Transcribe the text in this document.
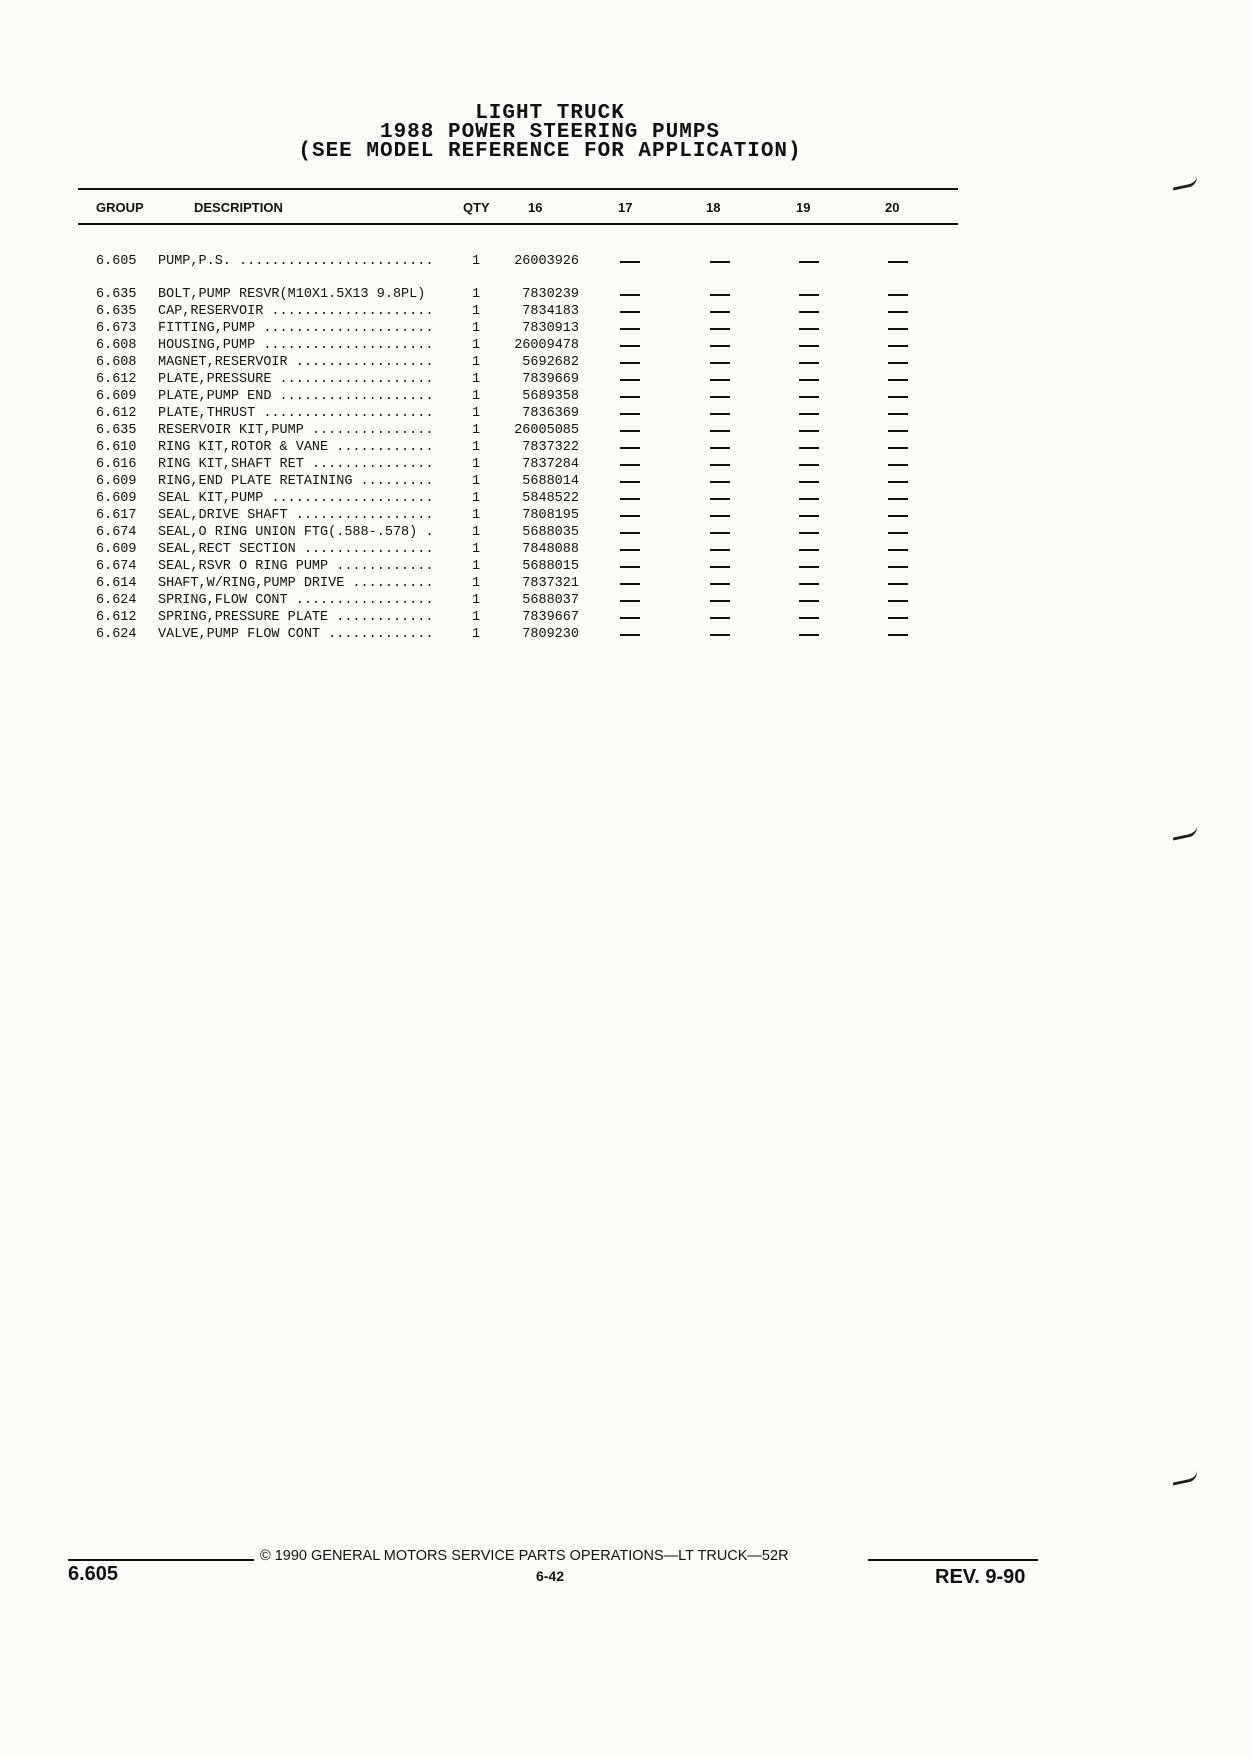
LIGHT TRUCK
1988 POWER STEERING PUMPS
(SEE MODEL REFERENCE FOR APPLICATION)
GROUP	DESCRIPTION	QTY	16	17	18	19	20
6.605 PUMP,P.S. ........................	1	26003926
6.635 BOLT,PUMP RESVR(M10X1.5X13 9.8PL)	1	7830239
6.635 CAP,RESERVOIR ....................	1	7834183
6.673 FITTING,PUMP .....................	1	7830913
6.608 HOUSING,PUMP .....................	1	26009478
6.608 MAGNET,RESERVOIR .................	1	5692682
6.612 PLATE,PRESSURE ...................	1	7839669
6.609 PLATE,PUMP END ...................	1	5689358
6.612 PLATE,THRUST .....................	1	7836369
6.635 RESERVOIR KIT,PUMP ...............	1	26005085
6.610 RING KIT,ROTOR & VANE ............	1	7837322
6.616 RING KIT,SHAFT RET ...............	1	7837284
6.609 RING,END PLATE RETAINING .........	1	5688014
6.609 SEAL KIT,PUMP ....................	1	5848522
6.617 SEAL,DRIVE SHAFT .................	1	7808195
6.674 SEAL,O RING UNION FTG(.588-.578) .	1	5688035
6.609 SEAL,RECT SECTION ................	1	7848088
6.674 SEAL,RSVR O RING PUMP ............	1	5688015
6.614 SHAFT,W/RING,PUMP DRIVE ..........	1	7837321
6.624 SPRING,FLOW CONT .................	1	5688037
6.612 SPRING,PRESSURE PLATE ............	1	7839667
6.624 VALVE,PUMP FLOW CONT .............	1	7809230
© 1990 GENERAL MOTORS SERVICE PARTS OPERATIONS—LT TRUCK—52R
6.605	6-42	REV. 9-90
